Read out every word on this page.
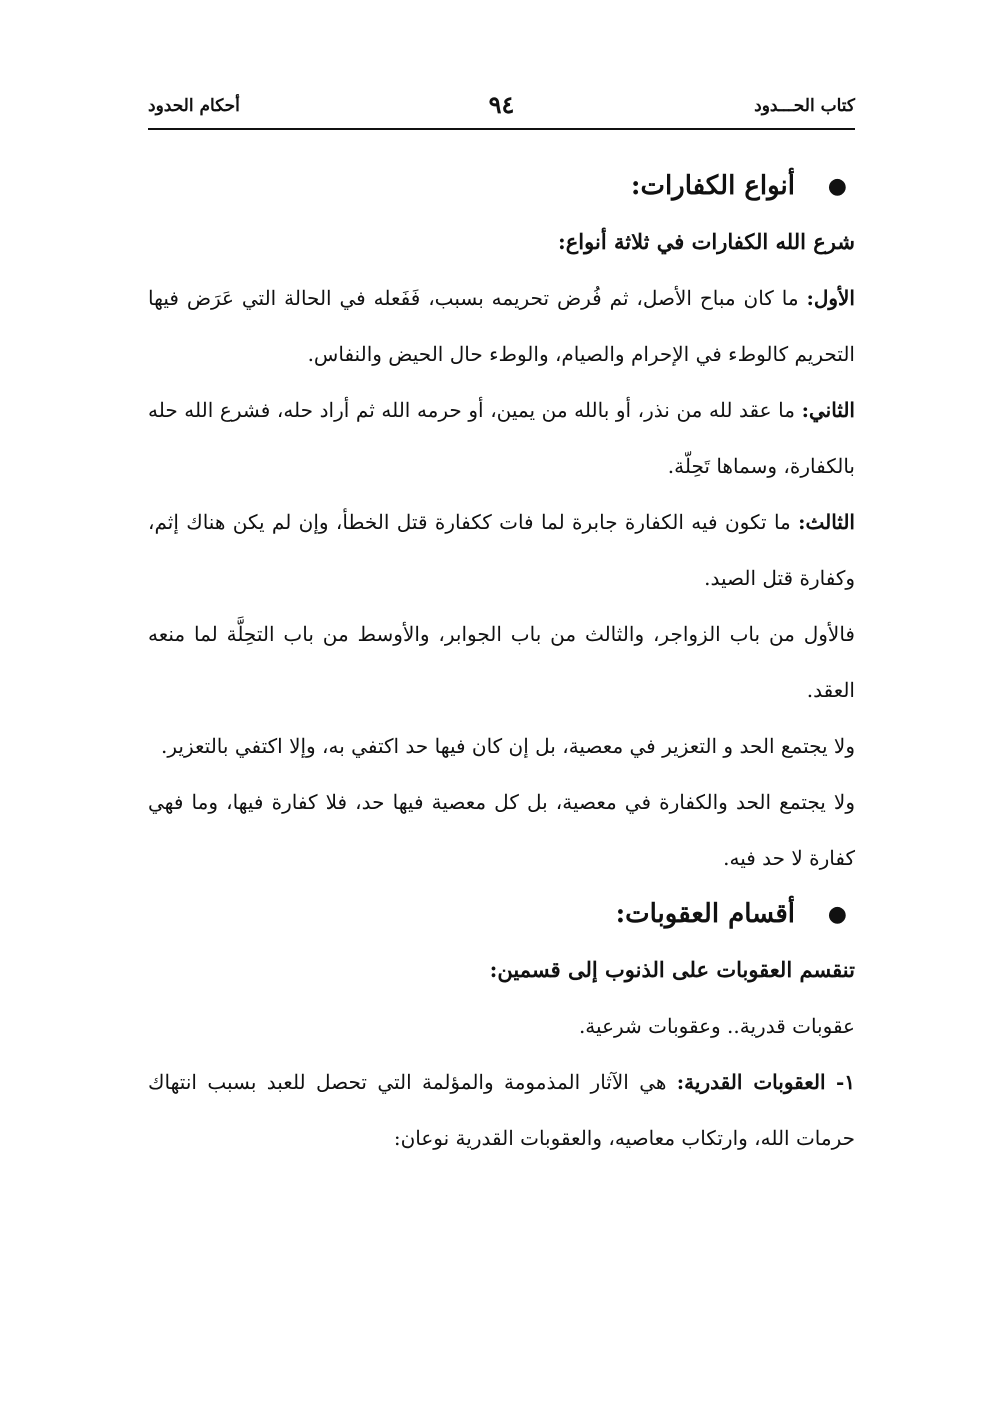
كتاب الحـــدود
٩٤
أحكام الحدود

●
أنواع الكفارات:

شرع الله الكفارات في ثلاثة أنواع:

الأول: ما كان مباح الأصل، ثم فُرض تحريمه بسبب، فَفَعله في الحالة التي عَرَض فيها التحريم كالوطء في الإحرام والصيام، والوطء حال الحيض والنفاس.

الثاني: ما عقد لله من نذر، أو بالله من يمين، أو حرمه الله ثم أراد حله، فشرع الله حله بالكفارة، وسماها تَحِلّة.

الثالث: ما تكون فيه الكفارة جابرة لما فات ككفارة قتل الخطأ، وإن لم يكن هناك إثم، وكفارة قتل الصيد.

فالأول من باب الزواجر، والثالث من باب الجوابر، والأوسط من باب التحِلَّة لما منعه العقد.

ولا يجتمع الحد و التعزير في معصية، بل إن كان فيها حد اكتفي به، وإلا اكتفي بالتعزير.

ولا يجتمع الحد والكفارة في معصية، بل كل معصية فيها حد، فلا كفارة فيها، وما فهي كفارة لا حد فيه.

●
أقسام العقوبات:

تنقسم العقوبات على الذنوب إلى قسمين:

عقوبات قدرية.. وعقوبات شرعية.

١- العقوبات القدرية: هي الآثار المذمومة والمؤلمة التي تحصل للعبد بسبب انتهاك حرمات الله، وارتكاب معاصيه، والعقوبات القدرية نوعان:
